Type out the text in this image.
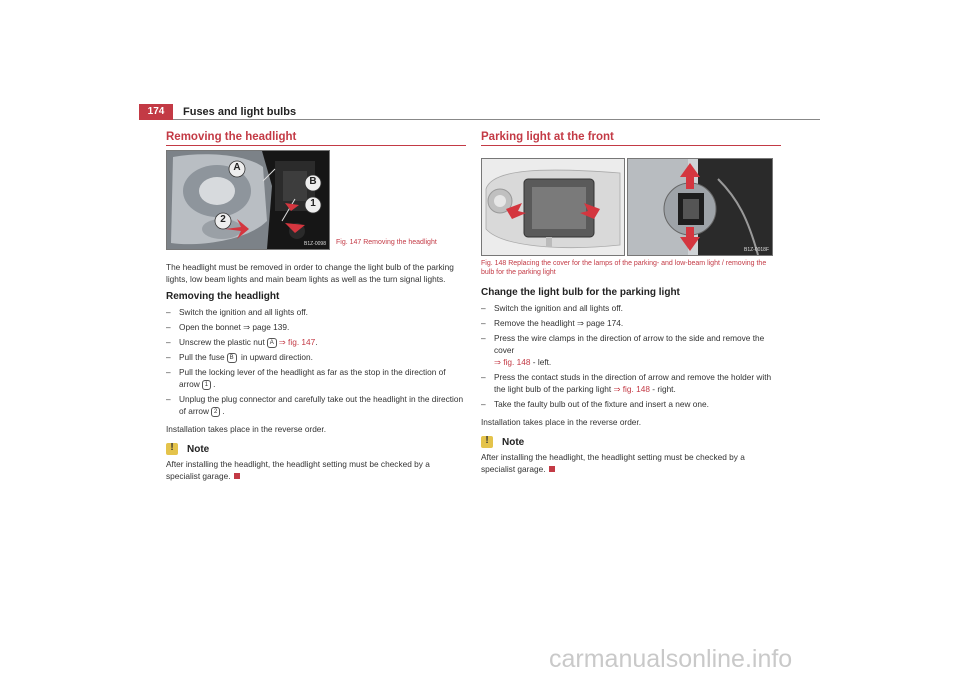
174	Fuses and light bulbs
Removing the headlight
A
B
1
2
B1Z-0098 Fig. 147 Removing the headlight

The headlight must be removed in order to change the light bulb of the parking lights, low beam lights and main beam lights as well as the turn signal lights.

Removing the headlight
– Switch the ignition and all lights off.
– Open the bonnet ⇒ page 139.
– Unscrew the plastic nut A ⇒ fig. 147.
– Pull the fuse B in upward direction.
– Pull the locking lever of the headlight as far as the stop in the direction of arrow 1 .
– Unplug the plug connector and carefully take out the headlight in the direction of arrow 2 .

Installation takes place in the reverse order.

!	Note

After installing the headlight, the headlight setting must be checked by a specialist garage.

Parking light at the front
B1Z-0018F
Fig. 148 Replacing the cover for the lamps of the parking- and low-beam light / removing the bulb for the parking light
Change the light bulb for the parking light
– Switch the ignition and all lights off.
– Remove the headlight ⇒ page 174.
– Press the wire clamps in the direction of arrow to the side and remove the cover
⇒ fig. 148 - left.
– Press the contact studs in the direction of arrow and remove the holder with the light bulb of the parking light ⇒ fig. 148 - right.
– Take the faulty bulb out of the fixture and insert a new one.

Installation takes place in the reverse order.

!	Note

After installing the headlight, the headlight setting must be checked by a specialist garage.

carmanualsonline.info
